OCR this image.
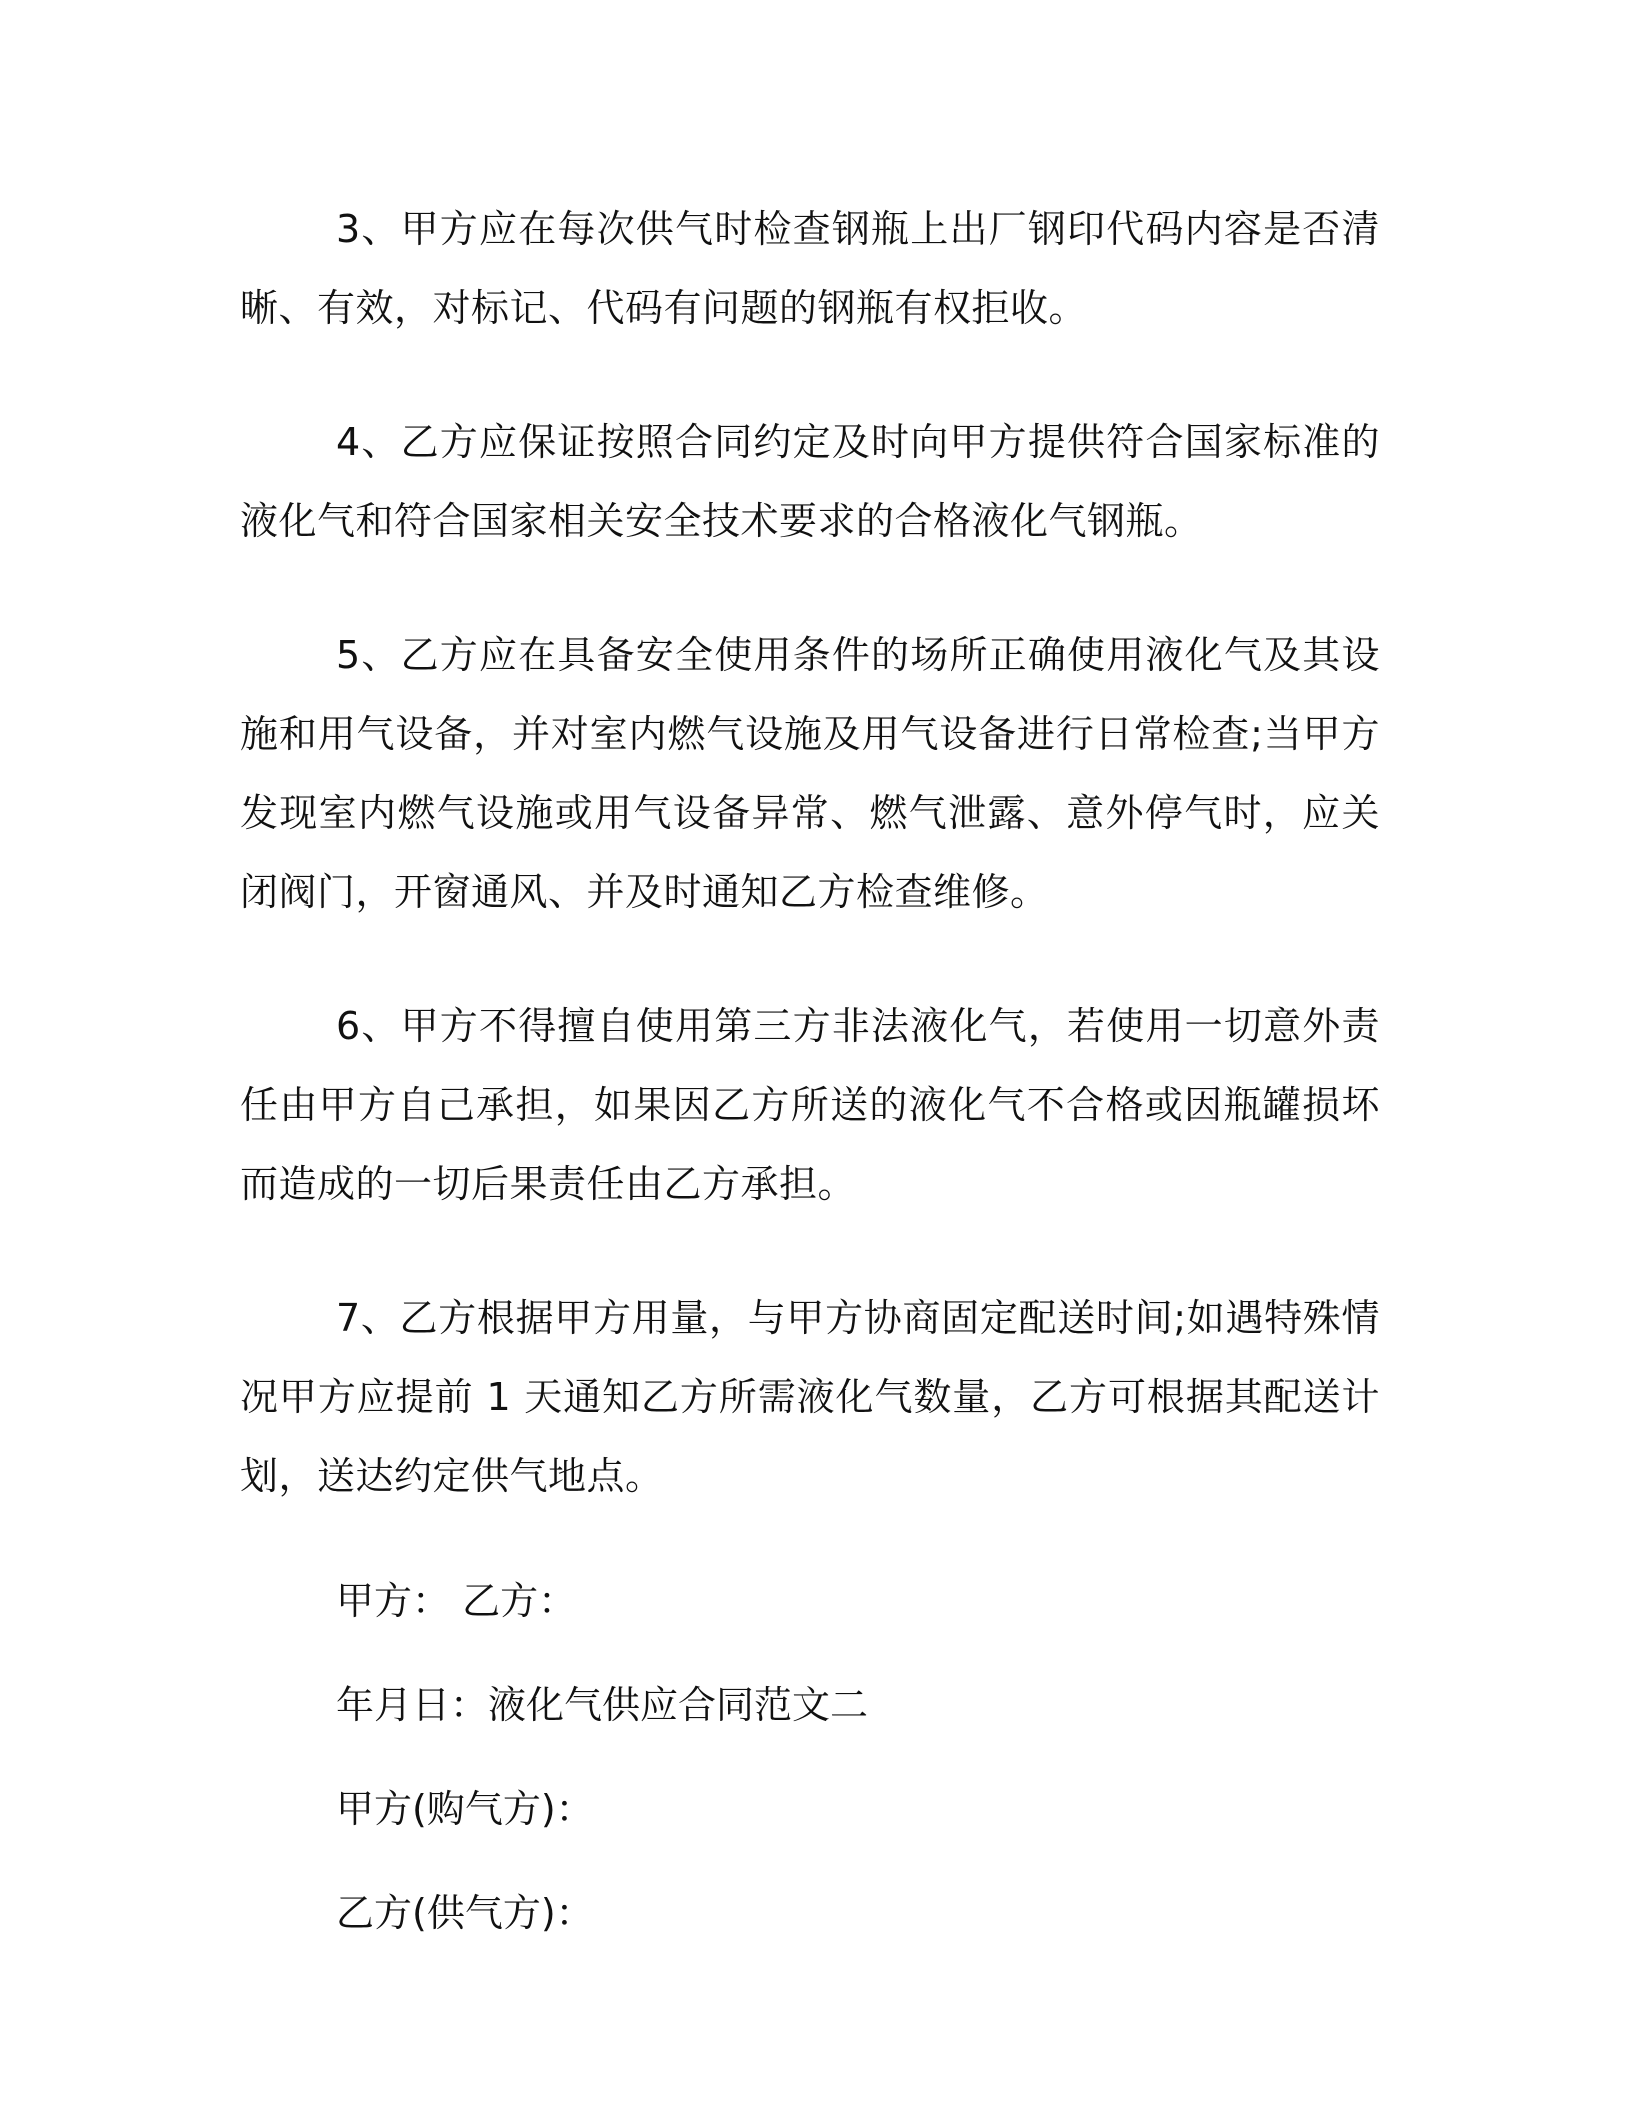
3、甲方应在每次供气时检查钢瓶上出厂钢印代码内容是否清晰、有效，对标记、代码有问题的钢瓶有权拒收。

4、乙方应保证按照合同约定及时向甲方提供符合国家标准的液化气和符合国家相关安全技术要求的合格液化气钢瓶。

5、乙方应在具备安全使用条件的场所正确使用液化气及其设施和用气设备，并对室内燃气设施及用气设备进行日常检查;当甲方发现室内燃气设施或用气设备异常、燃气泄露、意外停气时，应关闭阀门，开窗通风、并及时通知乙方检查维修。

6、甲方不得擅自使用第三方非法液化气，若使用一切意外责任由甲方自己承担，如果因乙方所送的液化气不合格或因瓶罐损坏而造成的一切后果责任由乙方承担。

7、乙方根据甲方用量，与甲方协商固定配送时间;如遇特殊情况甲方应提前 1 天通知乙方所需液化气数量，乙方可根据其配送计划，送达约定供气地点。

甲方： 乙方：

年月日：液化气供应合同范文二

甲方(购气方)：

乙方(供气方)：
